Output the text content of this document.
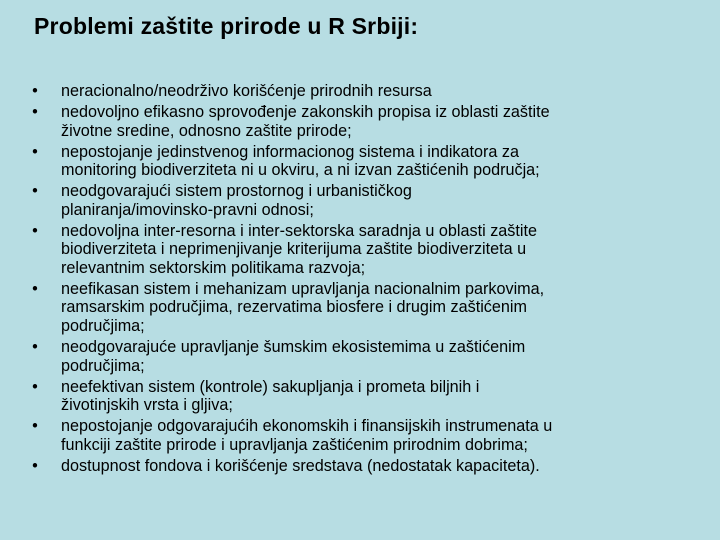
Problemi zaštite prirode u R Srbiji:
• neracionalno/neodrživo korišćenje prirodnih resursa
• nedovoljno efikasno sprovođenje zakonskih propisa iz oblasti zaštite
životne sredine, odnosno zaštite prirode;
• nepostojanje jedinstvenog informacionog sistema i indikatora za
monitoring biodiverziteta ni u okviru, a ni izvan zaštićenih područja;
• neodgovarajući sistem prostornog i urbanističkog
planiranja/imovinsko-pravni odnosi;
• nedovoljna inter-resorna i inter-sektorska saradnja u oblasti zaštite
biodiverziteta i neprimenjivanje kriterijuma zaštite biodiverziteta u
relevantnim sektorskim politikama razvoja;
• neefikasan sistem i mehanizam upravljanja nacionalnim parkovima,
ramsarskim područjima, rezervatima biosfere i drugim zaštićenim
područjima;
• neodgovarajuće upravljanje šumskim ekosistemima u zaštićenim
područjima;
• neefektivan sistem (kontrole) sakupljanja i prometa biljnih i
životinjskih vrsta i gljiva;
• nepostojanje odgovarajućih ekonomskih i finansijskih instrumenata u
funkciji zaštite prirode i upravljanja zaštićenim prirodnim dobrima;
• dostupnost fondova i korišćenje sredstava (nedostatak kapaciteta).
